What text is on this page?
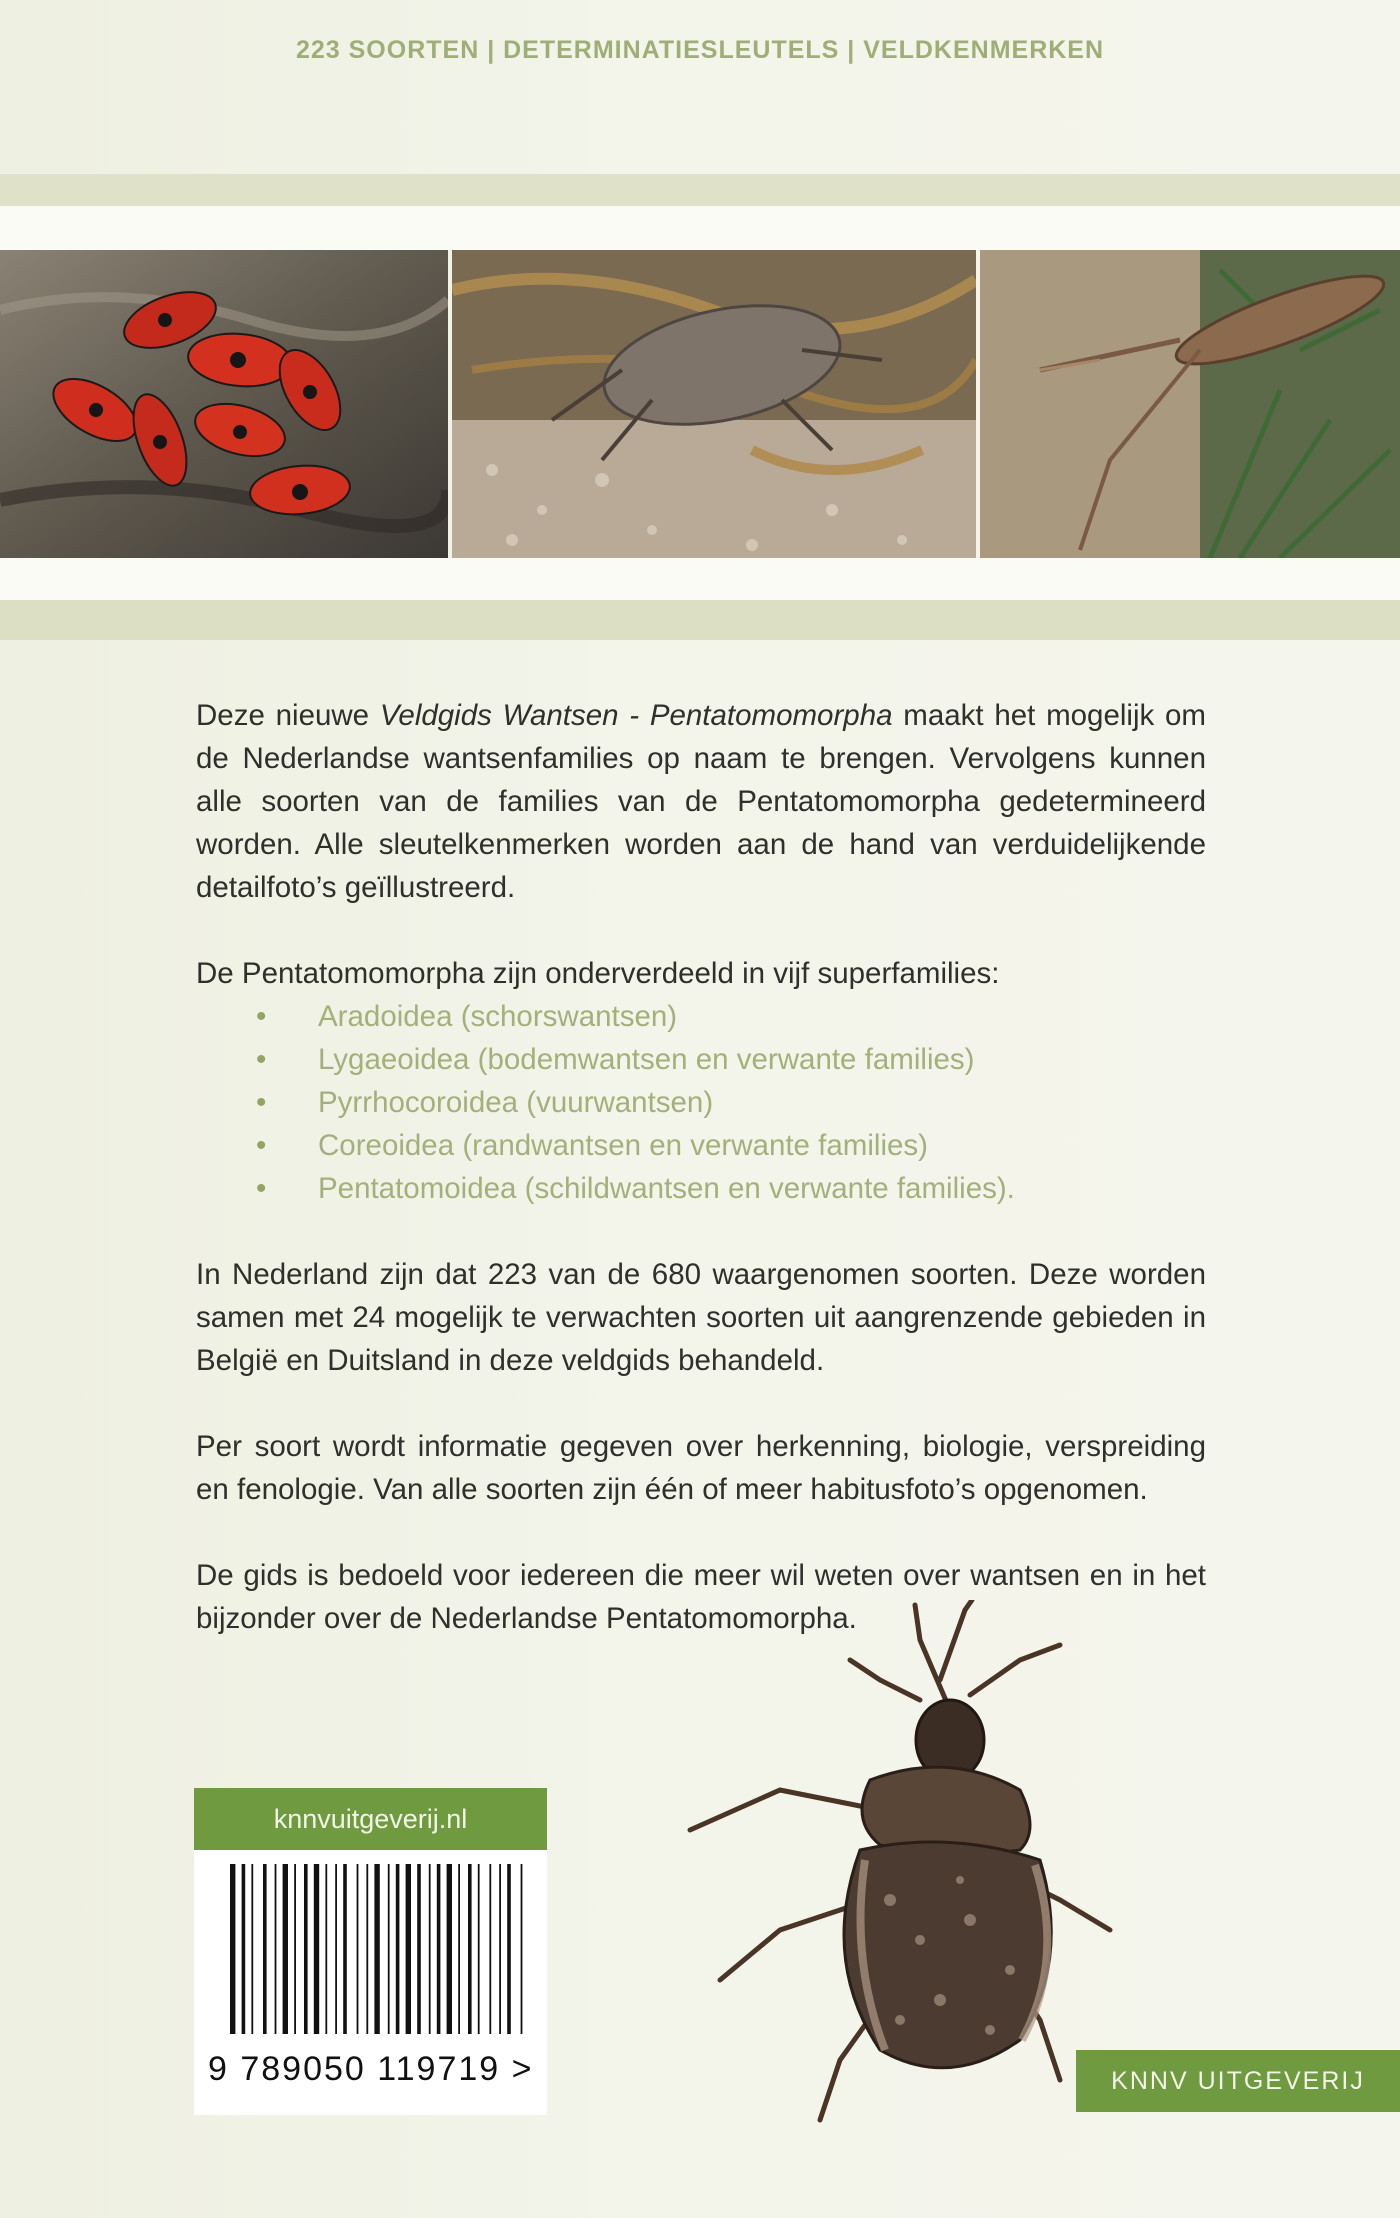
223 SOORTEN | DETERMINATIESLEUTELS | VELDKENMERKEN

Deze nieuwe Veldgids Wantsen - Pentatomomorpha maakt het mogelijk om de Nederlandse wantsenfamilies op naam te brengen. Vervolgens kunnen alle soorten van de families van de Pentatomomorpha gedetermineerd worden. Alle sleutelkenmerken worden aan de hand van verduidelijkende detailfoto’s geïllustreerd.

De Pentatomomorpha zijn onderverdeeld in vijf superfamilies:

• Aradoidea (schorswantsen)
• Lygaeoidea (bodemwantsen en verwante families)
• Pyrrhocoroidea (vuurwantsen)
• Coreoidea (randwantsen en verwante families)
• Pentatomoidea (schildwantsen en verwante families).

In Nederland zijn dat 223 van de 680 waargenomen soorten. Deze worden samen met 24 mogelijk te verwachten soorten uit aangrenzende gebieden in België en Duitsland in deze veldgids behandeld.

Per soort wordt informatie gegeven over herkenning, biologie, verspreiding en fenologie. Van alle soorten zijn één of meer habitusfoto’s opgenomen.

De gids is bedoeld voor iedereen die meer wil weten over wantsen en in het bijzonder over de Nederlandse Pentatomomorpha.

knnvuitgeverij.nl
9 789050 119719 >	KNNV UITGEVERIJ
